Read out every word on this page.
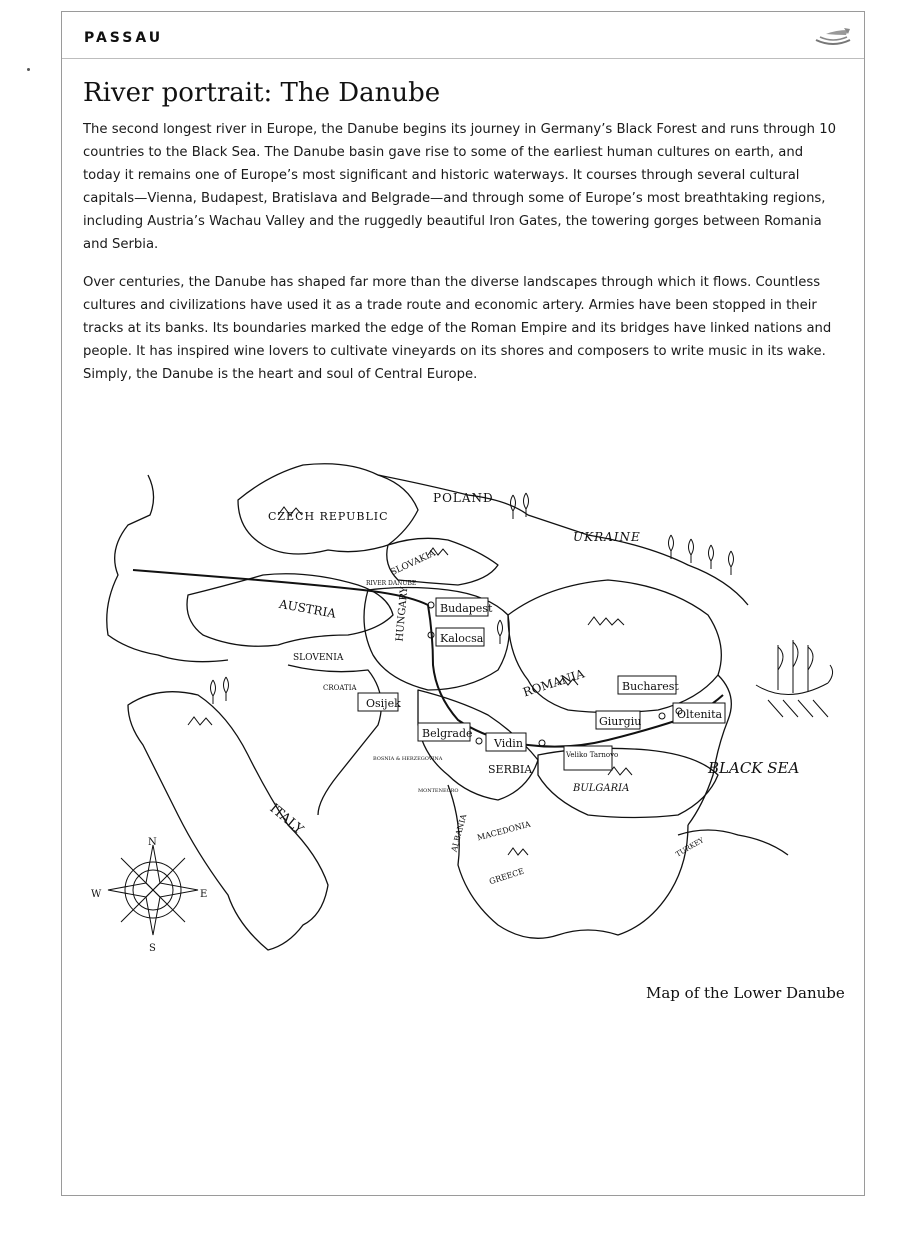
PASSAU
River portrait: The Danube

The second longest river in Europe, the Danube begins its journey in Germany’s Black Forest and runs through 10 countries to the Black Sea. The Danube basin gave rise to some of the earliest human cultures on earth, and today it remains one of Europe’s most significant and historic waterways. It courses through several cultural capitals—Vienna, Budapest, Bratislava and Belgrade—and through some of Europe’s most breathtaking regions, including Austria’s Wachau Valley and the ruggedly beautiful Iron Gates, the towering gorges between Romania and Serbia.

Over centuries, the Danube has shaped far more than the diverse landscapes through which it flows. Countless cultures and civilizations have used it as a trade route and economic artery. Armies have been stopped in their tracks at its banks. Its boundaries marked the edge of the Roman Empire and its bridges have linked nations and people. It has inspired wine lovers to cultivate vineyards on its shores and composers to write music in its wake. Simply, the Danube is the heart and soul of Central Europe.

CZECH REPUBLIC
POLAND
UKRAINE
SLOVAKIA
RIVER DANUBE
AUSTRIA	HUNGARY
SLOVENIA
CROATIA	ROMANIA
BOSNIA & HERZEGOVINA
SERBIA
MONTENEGRO	BULGARIA
ALBANIA MACEDONIA
GREECE
TURKEY
ITALY
BLACK SEA
Budapest
Kalocsa
Osijek
Belgrade
Vidin
Veliko Tarnovo
Bucharest
Giurgiu
Oltenita
N
S
E
W
Map of the Lower Danube
